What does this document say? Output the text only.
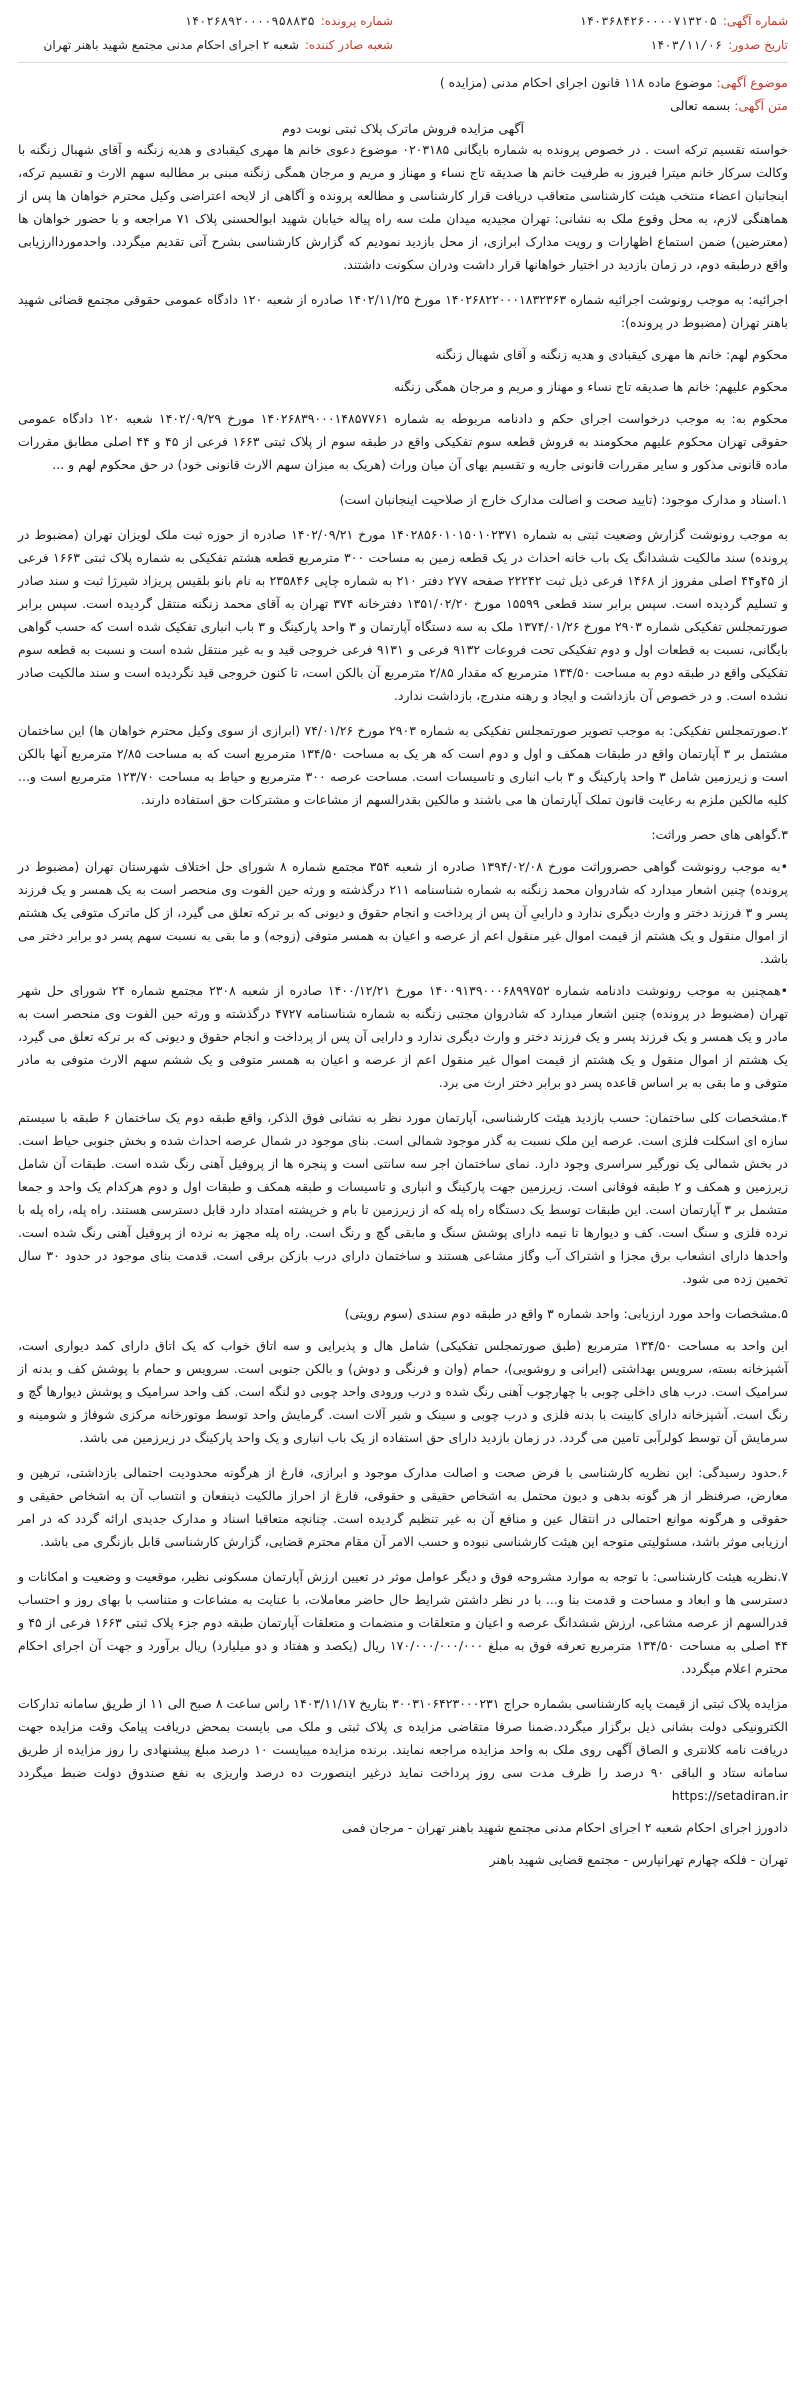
شماره آگهی:
۱۴۰۳۶۸۴۲۶۰۰۰۰۷۱۳۲۰۵
شماره پرونده:
۱۴۰۲۶۸۹۲۰۰۰۰۹۵۸۸۳۵
تاریخ صدور:
۱۴۰۳/۱۱/۰۶
شعبه صادر کننده:
شعبه ۲ اجرای احکام مدنی مجتمع شهید باهنر تهران
موضوع آگهی: موضوع ماده ۱۱۸ قانون اجرای احکام مدنی (مزایده )
متن آگهی: بسمه تعالی
آگهی مزایده فروش ماترک پلاک ثبتی نوبت دوم

خواسته تقسیم ترکه است . در خصوص پرونده به شماره بایگانی ۰۲۰۳۱۸۵ موضوع دعوی خانم ها مهری کیقبادی و هدیه زنگنه و آقای شهبال زنگنه با وکالت سرکار خانم میترا فیروز به طرفیت خانم ها صدیقه تاج نساء و مهناز و مریم و مرجان همگی زنگنه مبنی بر مطالبه سهم الارث و تقسیم ترکه، اینجانبان اعضاء منتخب هیئت کارشناسی متعاقب دریافت قرار کارشناسی و مطالعه پرونده و آگاهی از لایحه اعتراضی وکیل محترم خواهان ها پس از هماهنگی لازم، به محل وقوع ملک به نشانی: تهران مجیدیه میدان ملت سه راه پیاله خیابان شهید ابوالحسنی پلاک ۷۱ مراجعه و با حضور خواهان ها (معترضین) ضمن استماع اظهارات و رویت مدارک ابرازی، از محل بازدید نمودیم که گزارش کارشناسی بشرح آتی تقدیم میگردد. واحدمورداارزیابی واقع درطبقه دوم، در زمان بازدید در اختیار خواهانها قرار داشت ودران سکونت داشتند.

اجرائیه: به موجب رونوشت اجرائیه شماره ۱۴۰۲۶۸۲۲۰۰۰۱۸۳۲۳۶۳ مورخ ۱۴۰۲/۱۱/۲۵ صادره از شعبه ۱۲۰ دادگاه عمومی حقوقی مجتمع قضائی شهید باهنر تهران (مضبوط در پرونده):

محکوم لهم: خانم ها مهری کیقبادی و هدیه زنگنه و آقای شهبال زنگنه

محکوم علیهم: خانم ها صدیقه تاج نساء و مهناز و مریم و مرجان همگی زنگنه

محکوم به: به موجب درخواست اجرای حکم و دادنامه مربوطه به شماره ۱۴۰۲۶۸۳۹۰۰۰۱۴۸۵۷۷۶۱ مورخ ۱۴۰۲/۰۹/۲۹ شعبه ۱۲۰ دادگاه عمومی حقوقی تهران محکوم علیهم محکومند به فروش قطعه سوم تفکیکی واقع در طبقه سوم از پلاک ثبتی ۱۶۶۳ فرعی از ۴۵ و ۴۴ اصلی مطابق مقررات ماده قانونی مذکور و سایر مقررات قانونی جاریه و تقسیم بهای آن میان وراث (هریک به میزان سهم الارث قانونی خود) در حق محکوم لهم و ...

۱.اسناد و مدارک موجود: (تایید صحت و اصالت مدارک خارج از صلاحیت اینجانبان است)

به موجب رونوشت گزارش وضعیت ثبتی به شماره ۱۴۰۲۸۵۶۰۱۰۱۵۰۱۰۲۳۷۱ مورخ ۱۴۰۲/۰۹/۲۱ صادره از حوزه ثبت ملک لویزان تهران (مضبوط در پرونده) سند مالکیت ششدانگ یک باب خانه احداث در یک قطعه زمین به مساحت ۳۰۰ مترمربع قطعه هشتم تفکیکی به شماره پلاک ثبتی ۱۶۶۳ فرعی از ۴۵و۴۴ اصلی مفروز از ۱۴۶۸ فرعی ذیل ثبت ۲۲۲۴۲ صفحه ۲۷۷ دفتر ۲۱۰ به شماره چاپی ۲۳۵۸۴۶ به نام بانو بلقیس پریزاد شیرژا ثبت و سند صادر و تسلیم گردیده است. سپس برابر سند قطعی ۱۵۵۹۹ مورخ ۱۳۵۱/۰۲/۲۰ دفترخانه ۳۷۴ تهران به آقای محمد زنگنه منتقل گردیده است. سپس برابر صورتمجلس تفکیکی شماره ۲۹۰۳ مورخ ۱۳۷۴/۰۱/۲۶ ملک به سه دستگاه آپارتمان و ۳ واحد پارکینگ و ۳ باب انباری تفکیک شده است که حسب گواهی بایگانی، نسبت به قطعات اول و دوم تفکیکی تحت فروعات ۹۱۳۲ فرعی و ۹۱۳۱ فرعی خروجی قید و به غیر منتقل شده است و نسبت به قطعه سوم تفکیکی واقع در طبقه دوم به مساحت ۱۳۴/۵۰ مترمربع که مقدار ۲/۸۵ مترمربع آن بالکن است، تا کنون خروجی قید نگردیده است و سند مالکیت صادر نشده است. و در خصوص آن بازداشت و ایجاد و رهنه مندرج، بازداشت ندارد.

۲.صورتمجلس تفکیکی: به موجب تصویر صورتمجلس تفکیکی به شماره ۲۹۰۳ مورخ ۷۴/۰۱/۲۶ (ابرازی از سوی وکیل محترم خواهان ها) این ساختمان مشتمل بر ۳ آپارتمان واقع در طبقات همکف و اول و دوم است که هر یک به مساحت ۱۳۴/۵۰ مترمربع است که به مساحت ۲/۸۵ مترمربع آنها بالکن است و زیرزمین شامل ۳ واحد پارکینگ و ۳ باب انباری و تاسیسات است. مساحت عرصه ۳۰۰ مترمربع و حیاط به مساحت ۱۲۳/۷۰ مترمربع است و... کلیه مالکین ملزم به رعایت قانون تملک آپارتمان ها می باشند و مالکین بقدرالسهم از مشاعات و مشترکات حق استفاده دارند.

۳.گواهی های حصر وراثت:

•به موجب رونوشت گواهی حصروراثت مورخ ۱۳۹۴/۰۲/۰۸ صادره از شعبه ۳۵۴ مجتمع شماره ۸ شورای حل اختلاف شهرستان تهران (مضبوط در پرونده) چنین اشعار میدارد که شادروان محمد زنگنه به شماره شناسنامه ۲۱۱ درگذشته و ورثه حین الفوت وی منحصر است به یک همسر و یک فرزند پسر و ۳ فرزند دختر و وارث دیگری ندارد و داراییِ آن پس از پرداخت و انجام حقوق و دیونی که بر ترکه تعلق می گیرد، از کل ماترک متوفی یک هشتم از اموال منقول و یک هشتم از قیمت اموال غیر منقول اعم از عرصه و اعیان به همسر متوفی (زوجه) و ما بقی به نسبت سهم پسر دو برابر دختر می باشد.

•همچنین به موجب رونوشت دادنامه شماره ۱۴۰۰۹۱۳۹۰۰۰۶۸۹۹۷۵۲ مورخ ۱۴۰۰/۱۲/۲۱ صادره از شعبه ۲۳۰۸ مجتمع شماره ۲۴ شورای حل شهر تهران (مضبوط در پرونده) چنین اشعار میدارد که شادروان مجتبی زنگنه به شماره شناسنامه ۴۷۲۷ درگذشته و ورثه حین الفوت وی منحصر است به مادر و یک همسر و یک فرزند پسر و یک فرزند دختر و وارث دیگری ندارد و دارایی آن پس از پرداخت و انجام حقوق و دیونی که بر ترکه تعلق می گیرد، یک هشتم از اموال منقول و یک هشتم از قیمت اموال غیر منقول اعم از عرصه و اعیان به همسر متوفی و یک ششم سهم الارث متوفی به مادر متوفی و ما بقی به بر اساس قاعده پسر دو برابر دختر ارث می برد.

۴.مشخصات کلی ساختمان: حسب بازدید هیئت کارشناسی، آپارتمان مورد نظر به نشانی فوق الذکر، واقع طبقه دوم یک ساختمان ۶ طبقه با سیستم سازه ای اسکلت فلزی است. عرصه این ملک نسبت به گذر موجود شمالی است. بنای موجود در شمال عرصه احداث شده و بخش جنوبی حیاط است. در بخش شمالی یک نورگیر سراسری وجود دارد. نمای ساختمان اجر سه سانتی است و پنجره ها از پروفیل آهنی رنگ شده است. طبقات آن شامل زیرزمین و همکف و ۲ طبقه فوقانی است. زیرزمین جهت پارکینگ و انباری و تاسیسات و طبقه همکف و طبقات اول و دوم هرکدام یک واحد و جمعا متشمل بر ۳ آپارتمان است. این طبقات توسط یک دستگاه راه پله که از زیرزمین تا بام و خرپشته امتداد دارد قابل دسترسی هستند. راه پله، راه پله با نرده فلزی و سنگ است. کف و دیوارها تا نیمه دارای پوشش سنگ و مابقی گچ و رنگ است. راه پله مجهز به نرده از پروفیل آهنی رنگ شده است. واحدها دارای انشعاب برق مجزا و اشتراک آب وگاز مشاعی هستند و ساختمان دارای درب بازکن برقی است. قدمت بنای موجود در حدود ۳۰ سال تخمین زده می شود.

۵.مشخصات واحد مورد ارزیابی: واحد شماره ۳ واقع در طبقه دوم سندی (سوم رویتی)

این واحد به مساحت ۱۳۴/۵۰ مترمربع (طبق صورتمجلس تفکیکی) شامل هال و پذیرایی و سه اتاق خواب که یک اتاق دارای کمد دیواری است، آشپزخانه بسته، سرویس بهداشتی (ایرانی و روشویی)، حمام (وان و فرنگی و دوش) و بالکن جنوبی است. سرویس و حمام با پوشش کف و بدنه از سرامیک است. درب های داخلی چوبی با چهارچوب آهنی رنگ شده و درب ورودی واحد چوبی دو لنگه است. کف واحد سرامیک و پوشش دیوارها گچ و رنگ است. آشپزخانه دارای کابینت با بدنه فلزی و درب چوبی و سینک و شیر آلات است. گرمایش واحد توسط موتورخانه مرکزی شوفاژ و شومینه و سرمایش آن توسط کولرآبی تامین می گردد. در زمان بازدید دارای حق استفاده از یک باب انباری و یک واحد پارکینگ در زیرزمین می باشد.

۶.حدود رسیدگی: این نظریه کارشناسی با فرض صحت و اصالت مدارک موجود و ابرازی، فارغ از هرگونه محدودیت احتمالی بازداشتی، ترهین و معارض، صرفنظر از هر گونه بدهی و دیون محتمل به اشخاص حقیقی و حقوقی، فارغ از احراز مالکیت ذینفعان و انتساب آن به اشخاص حقیقی و حقوقی و هرگونه موانع احتمالی در انتقال عین و منافع آن به غیر تنظیم گردیده است. چنانچه متعاقبا اسناد و مدارک جدیدی ارائه گردد که در امر ارزیابی موثر باشد، مسئولیتی متوجه این هیئت کارشناسی نبوده و حسب الامر آن مقام محترم قضایی، گزارش کارشناسی قابل بازنگری می باشد.

۷.نظریه هیئت کارشناسی: با توجه به موارد مشروحه فوق و دیگر عوامل موثر در تعیین ارزش آپارتمان مسکونی نظیر، موقعیت و وضعیت و امکانات و دسترسی ها و ابعاد و مساحت و قدمت بنا و... با در نظر داشتن شرایط حال حاضر معاملات، با عنایت به مشاعات و متناسب با بهای روز و احتساب قدرالسهم از عرصه مشاعی، ارزش ششدانگ عرصه و اعیان و متعلقات و منضمات و متعلقات آپارتمان طبقه دوم جزء پلاک ثبتی ۱۶۶۳ فرعی از ۴۵ و ۴۴ اصلی به مساحت ۱۳۴/۵۰ مترمربع تعرفه فوق به مبلغ ۱۷۰/۰۰۰/۰۰۰/۰۰۰ ریال (یکصد و هفتاد و دو میلیارد) ریال برآورد و جهت آن اجرای احکام محترم اعلام میگردد.

مزایده پلاک ثبتی از قیمت پایه کارشناسی بشماره حراج ۳۰۰۳۱۰۶۴۲۳۰۰۰۲۳۱ بتاریخ ۱۴۰۳/۱۱/۱۷ راس ساعت ۸ صبح الی ۱۱ از طریق سامانه تدارکات الکترونیکی دولت بشانی ذیل برگزار میگردد.ضمنا صرفا متقاضی مزایده ی پلاک ثبتی و ملک می بایست بمحض دریافت پیامک وقت مزایده جهت دریافت نامه کلانتری و الصاق آگهی روی ملک به واحد مزایده مراجعه نمایند. برنده مزایده میبایست ۱۰ درصد مبلغ پیشنهادی را روز مزایده از طریق سامانه ستاد و الباقی ۹۰ درصد را ظرف مدت سی روز پرداخت نماید درغیر اینصورت ده درصد واریزی به نفع صندوق دولت ضبط میگردد https://setadiran.ir

دادورز اجرای احکام شعبه ۲ اجرای احکام مدنی مجتمع شهید باهنر تهران - مرجان فمی

تهران - فلکه چهارم تهرانپارس - مجتمع قضایی شهید باهنر
